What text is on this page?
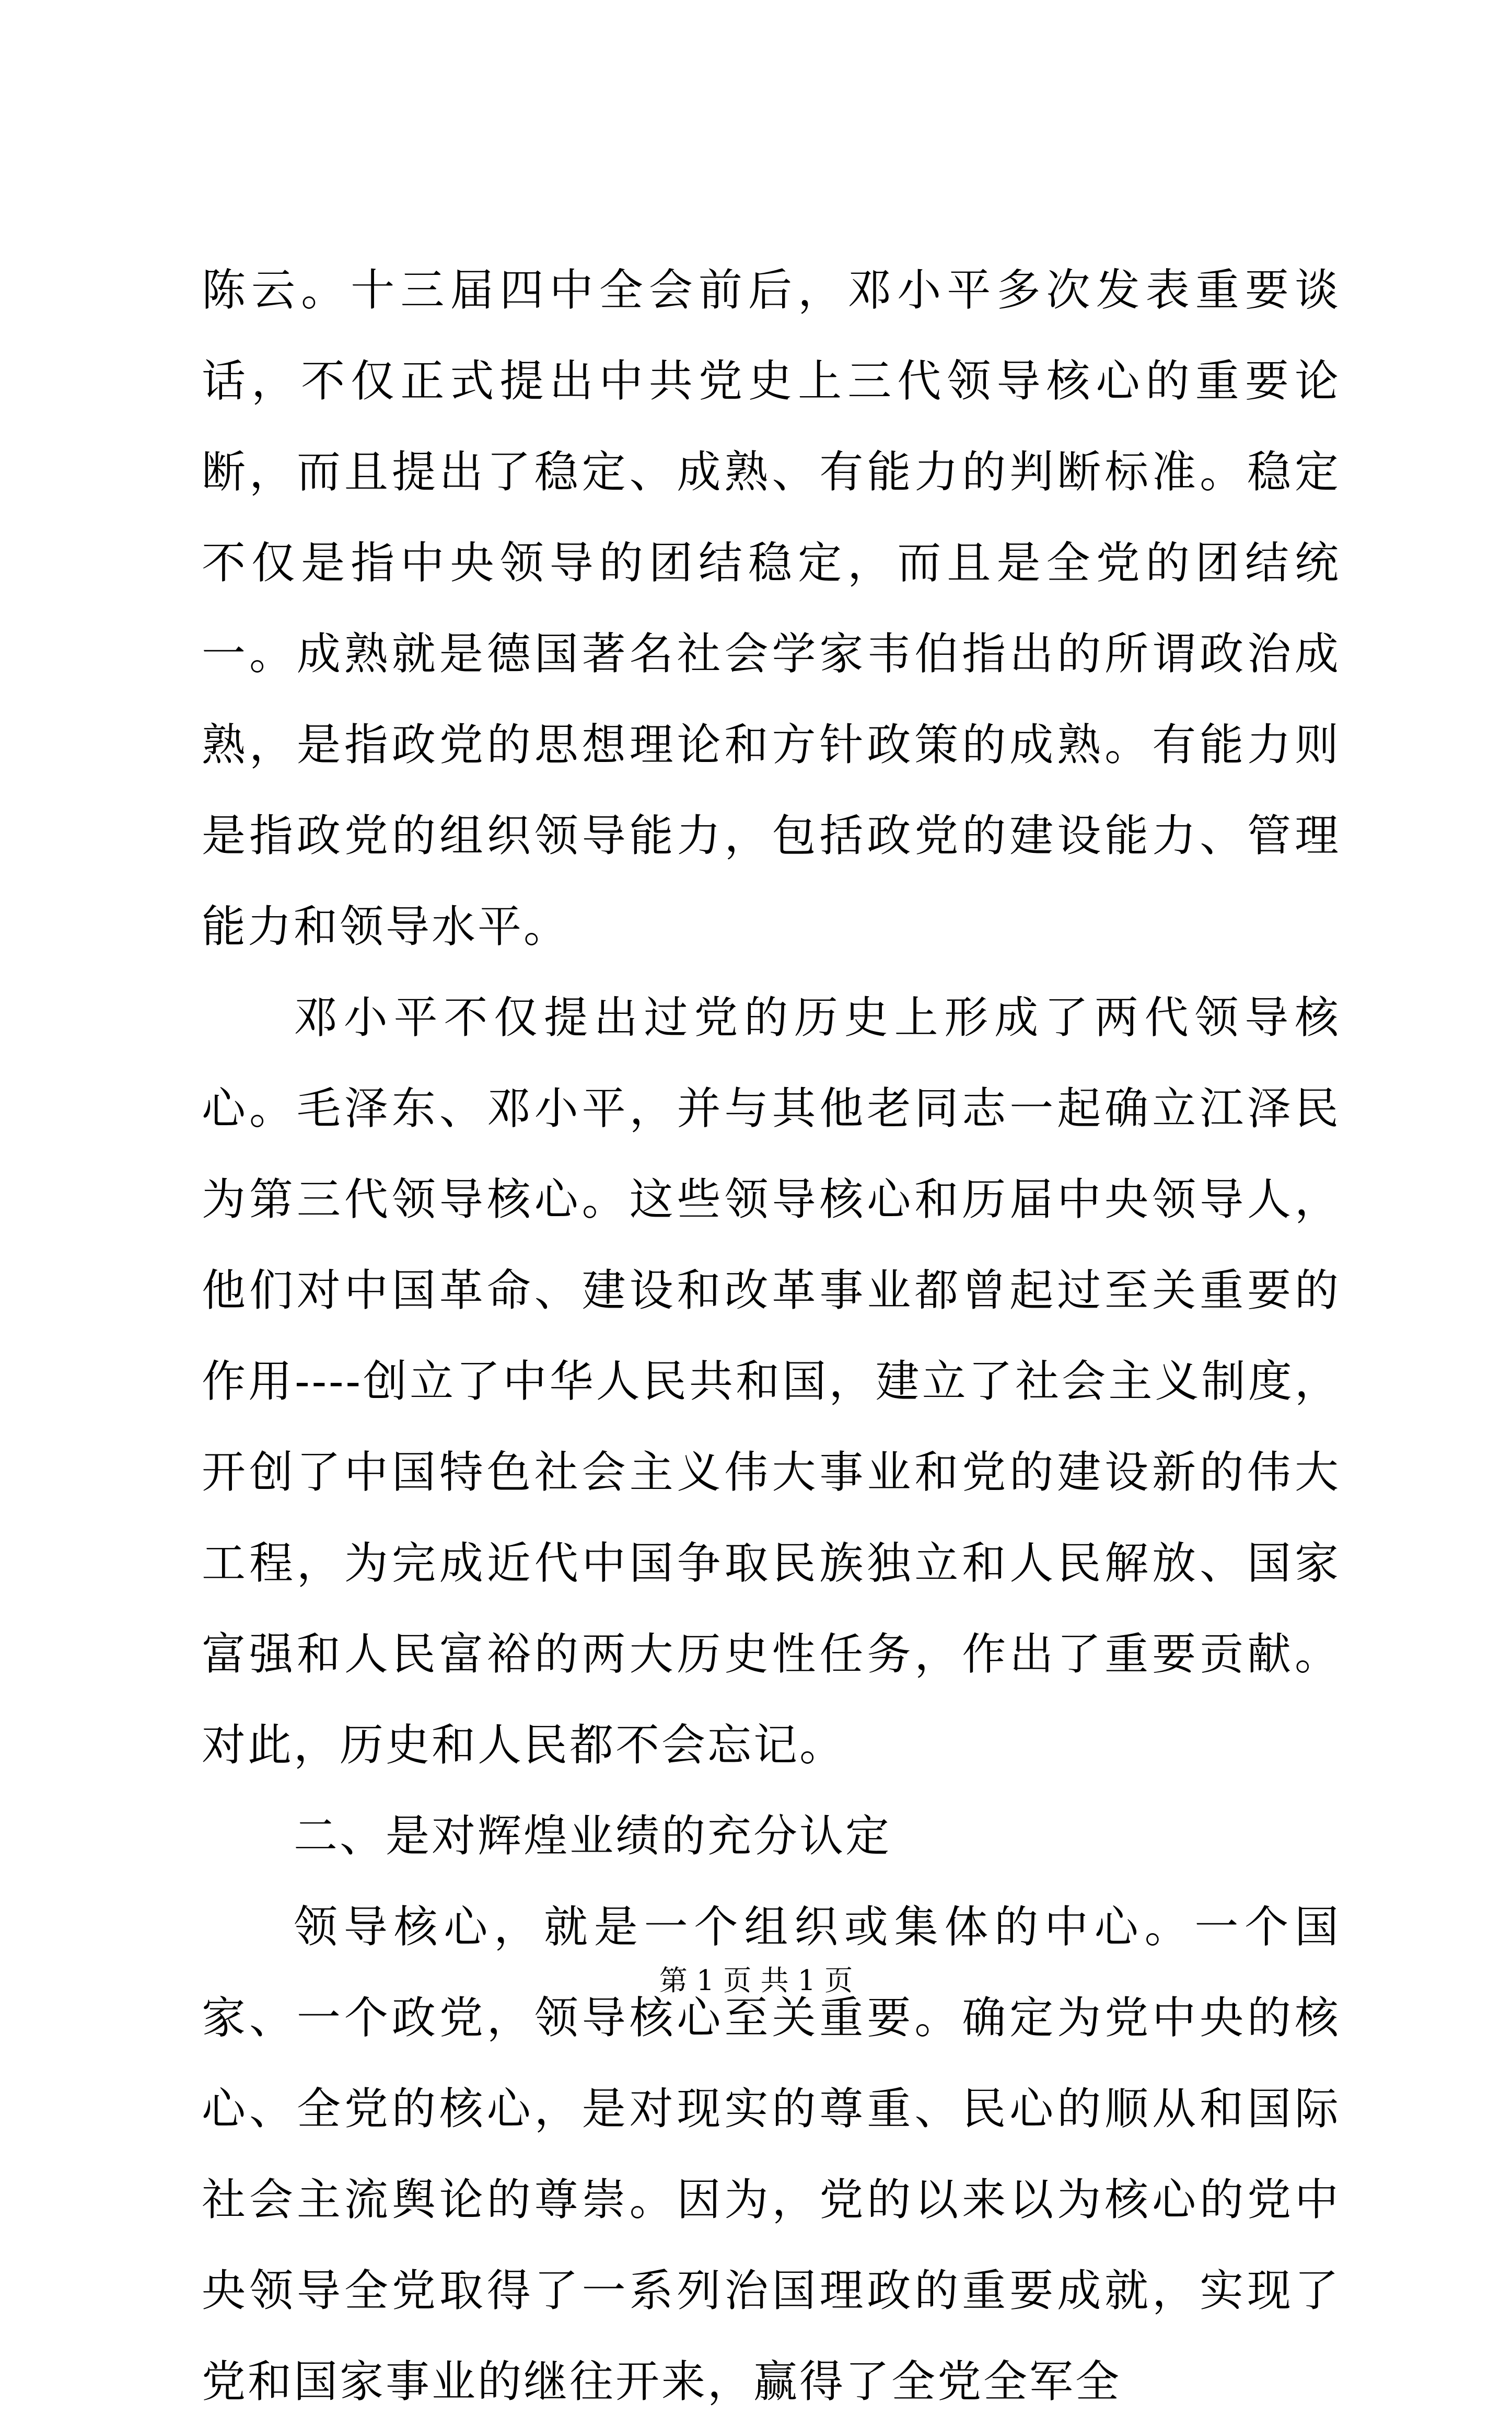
陈云。十三届四中全会前后，邓小平多次发表重要谈话，不仅正式提出中共党史上三代领导核心的重要论断，而且提出了稳定、成熟、有能力的判断标准。稳定不仅是指中央领导的团结稳定，而且是全党的团结统一。成熟就是德国著名社会学家韦伯指出的所谓政治成熟，是指政党的思想理论和方针政策的成熟。有能力则是指政党的组织领导能力，包括政党的建设能力、管理能力和领导水平。

邓小平不仅提出过党的历史上形成了两代领导核心。毛泽东、邓小平，并与其他老同志一起确立江泽民为第三代领导核心。这些领导核心和历届中央领导人，他们对中国革命、建设和改革事业都曾起过至关重要的作用----创立了中华人民共和国，建立了社会主义制度，开创了中国特色社会主义伟大事业和党的建设新的伟大工程，为完成近代中国争取民族独立和人民解放、国家富强和人民富裕的两大历史性任务，作出了重要贡献。对此，历史和人民都不会忘记。

二、是对辉煌业绩的充分认定

领导核心，就是一个组织或集体的中心。一个国家、一个政党，领导核心至关重要。确定为党中央的核心、全党的核心，是对现实的尊重、民心的顺从和国际社会主流舆论的尊崇。因为，党的以来以为核心的党中央领导全党取得了一系列治国理政的重要成就，实现了党和国家事业的继往开来，赢得了全党全军全

第 1 页 共 1 页
